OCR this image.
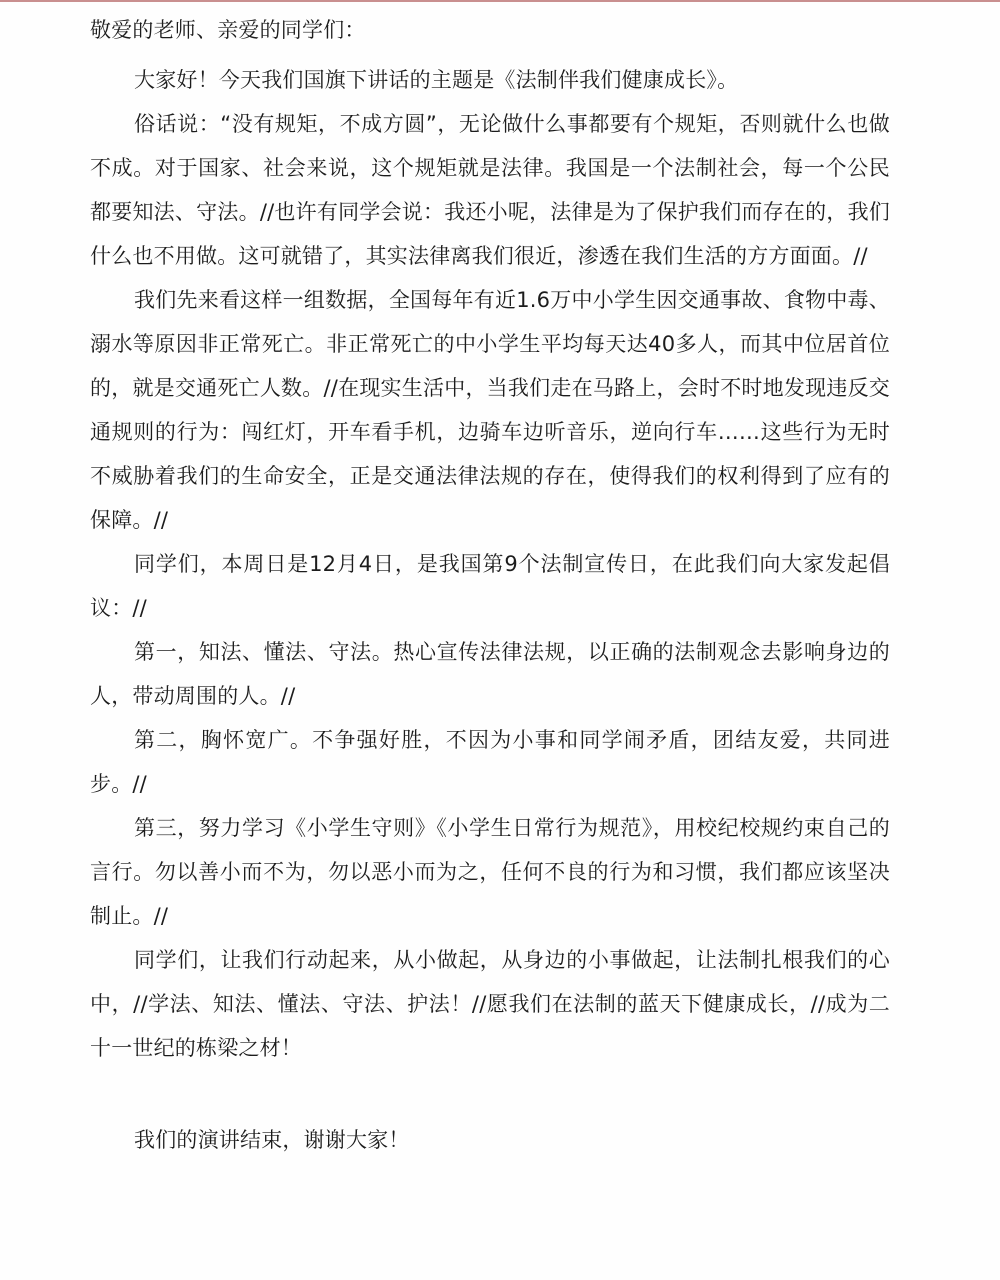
敬爱的老师、亲爱的同学们：

大家好！今天我们国旗下讲话的主题是《法制伴我们健康成长》。

俗话说：“没有规矩，不成方圆”，无论做什么事都要有个规矩，否则就什么也做不成。对于国家、社会来说，这个规矩就是法律。我国是一个法制社会，每一个公民都要知法、守法。//也许有同学会说：我还小呢，法律是为了保护我们而存在的，我们什么也不用做。这可就错了，其实法律离我们很近，渗透在我们生活的方方面面。//

我们先来看这样一组数据，全国每年有近1.6万中小学生因交通事故、食物中毒、溺水等原因非正常死亡。非正常死亡的中小学生平均每天达40多人，而其中位居首位的，就是交通死亡人数。//在现实生活中，当我们走在马路上，会时不时地发现违反交通规则的行为：闯红灯，开车看手机，边骑车边听音乐，逆向行车……这些行为无时不威胁着我们的生命安全，正是交通法律法规的存在，使得我们的权利得到了应有的保障。//

同学们，本周日是12月4日，是我国第9个法制宣传日，在此我们向大家发起倡议：//

第一，知法、懂法、守法。热心宣传法律法规，以正确的法制观念去影响身边的人，带动周围的人。//

第二，胸怀宽广。不争强好胜，不因为小事和同学闹矛盾，团结友爱，共同进步。//

第三，努力学习《小学生守则》《小学生日常行为规范》，用校纪校规约束自己的言行。勿以善小而不为，勿以恶小而为之，任何不良的行为和习惯，我们都应该坚决制止。//

同学们，让我们行动起来，从小做起，从身边的小事做起，让法制扎根我们的心中，//学法、知法、懂法、守法、护法！//愿我们在法制的蓝天下健康成长，//成为二十一世纪的栋梁之材！

我们的演讲结束，谢谢大家！
